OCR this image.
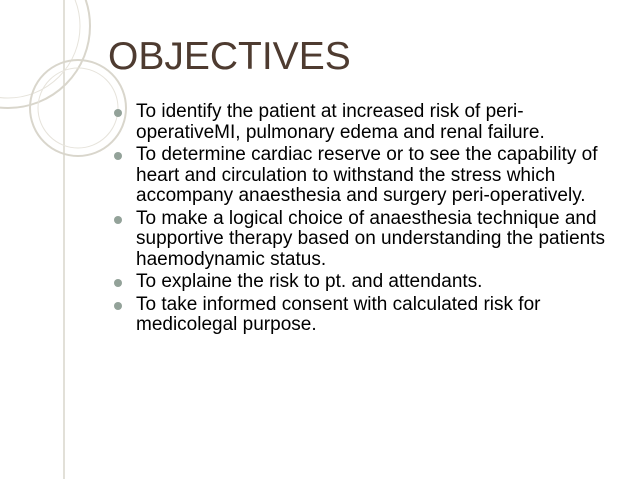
OBJECTIVES
To identify the patient at increased risk of peri- operativeMI, pulmonary edema and renal failure.
To determine cardiac reserve or to see the capability of heart and circulation to withstand the stress which accompany anaesthesia and surgery peri-operatively.
To make a logical choice of anaesthesia technique and supportive therapy based on understanding the patients haemodynamic status.
To explaine the risk to pt. and attendants.
To take informed consent with calculated risk for medicolegal purpose.
